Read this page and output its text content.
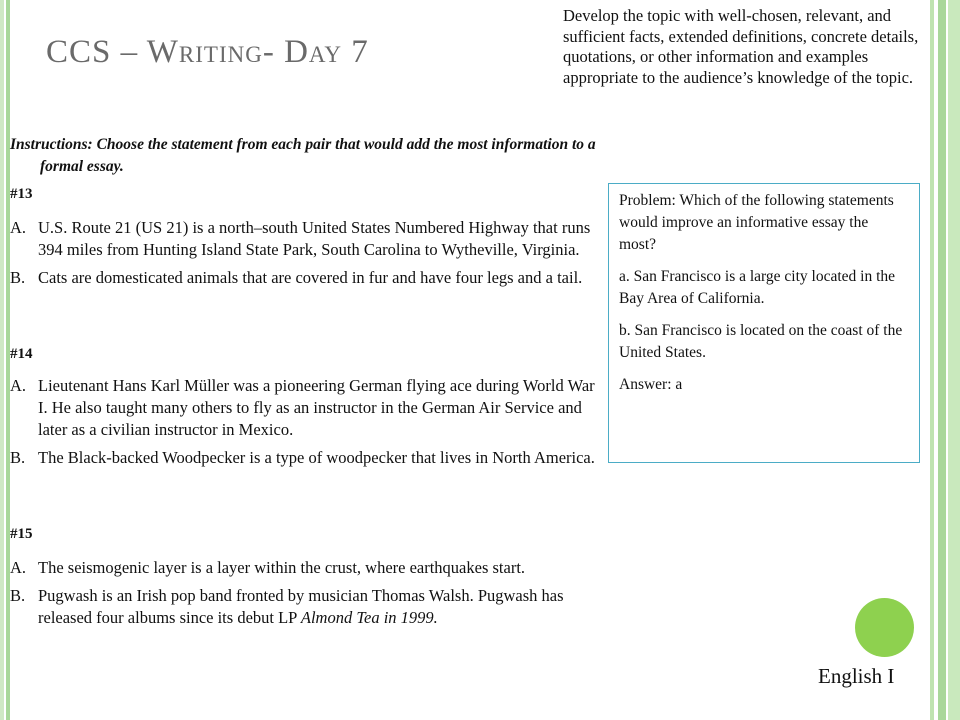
CCS – Writing- Day 7

Develop the topic with well-chosen, relevant, and sufficient facts, extended definitions, concrete details, quotations, or other information and examples appropriate to the audience’s knowledge of the topic.

Instructions: Choose the statement from each pair that would add the most information to a formal essay.

#13

A. U.S. Route 21 (US 21) is a north–south United States Numbered Highway that runs 394 miles from Hunting Island State Park, South Carolina to Wytheville, Virginia.

B. Cats are domesticated animals that are covered in fur and have four legs and a tail.

#14

A. Lieutenant Hans Karl Müller was a pioneering German flying ace during World War I. He also taught many others to fly as an instructor in the German Air Service and later as a civilian instructor in Mexico.

B. The Black-backed Woodpecker is a type of woodpecker that lives in North America.

#15

A. The seismogenic layer is a layer within the crust, where earthquakes start.

B. Pugwash is an Irish pop band fronted by musician Thomas Walsh. Pugwash has released four albums since its debut LP Almond Tea in 1999.

Problem: Which of the following statements would improve an informative essay the most?

a. San Francisco is a large city located in the Bay Area of California.

b. San Francisco is located on the coast of the United States.

Answer: a

English I
